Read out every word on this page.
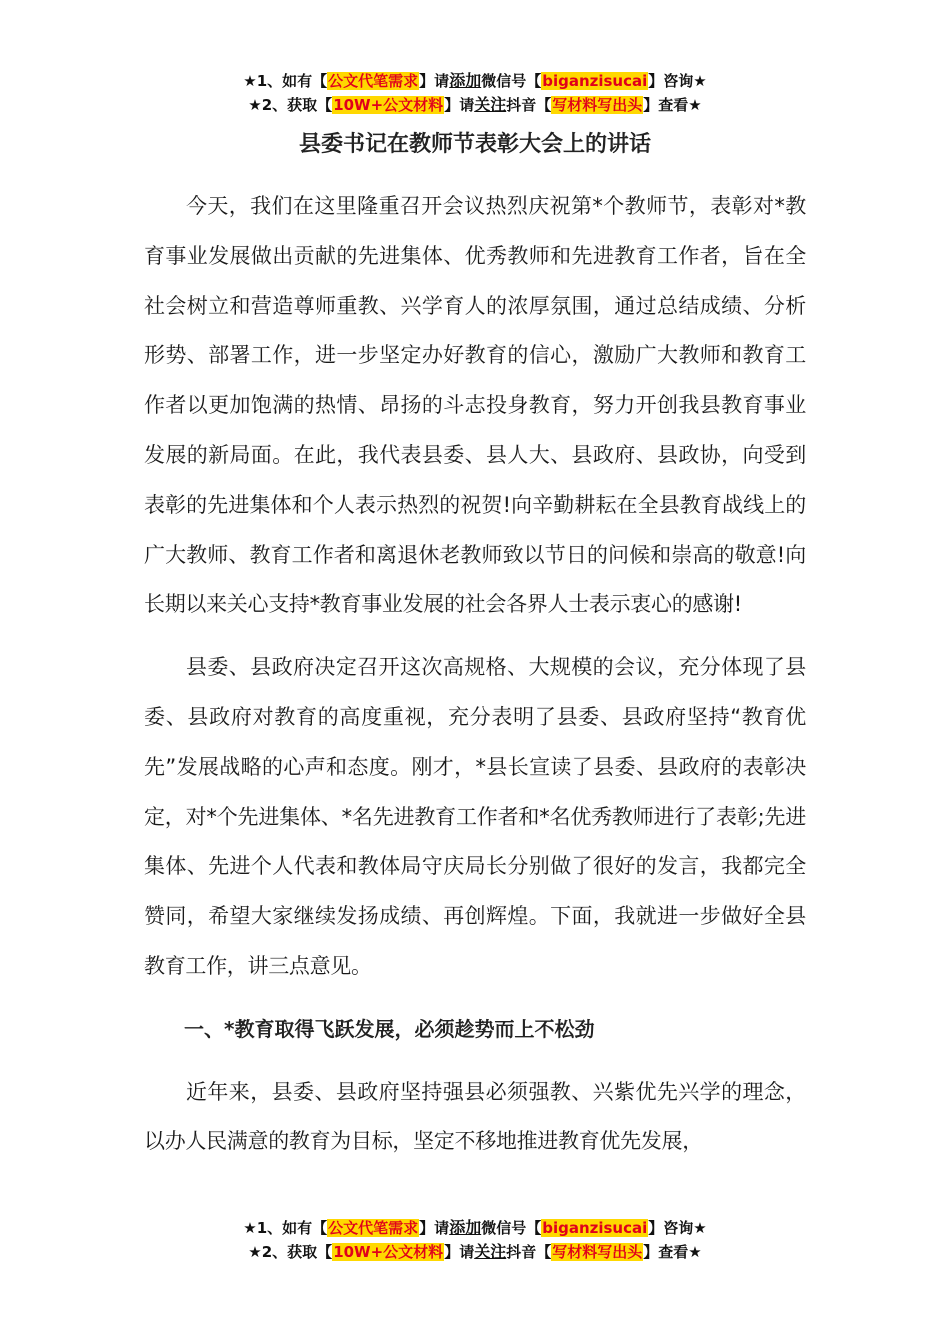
★1、如有【公文代笔需求】请添加微信号【biganzisucai】咨询★
★2、获取【10W+公文材料】请关注抖音【写材料写出头】查看★
县委书记在教师节表彰大会上的讲话

今天，我们在这里隆重召开会议热烈庆祝第*个教师节，表彰对*教育事业发展做出贡献的先进集体、优秀教师和先进教育工作者，旨在全社会树立和营造尊师重教、兴学育人的浓厚氛围，通过总结成绩、分析形势、部署工作，进一步坚定办好教育的信心，激励广大教师和教育工作者以更加饱满的热情、昂扬的斗志投身教育，努力开创我县教育事业发展的新局面。在此，我代表县委、县人大、县政府、县政协，向受到表彰的先进集体和个人表示热烈的祝贺!向辛勤耕耘在全县教育战线上的广大教师、教育工作者和离退休老教师致以节日的问候和崇高的敬意!向长期以来关心支持*教育事业发展的社会各界人士表示衷心的感谢!

县委、县政府决定召开这次高规格、大规模的会议，充分体现了县委、县政府对教育的高度重视，充分表明了县委、县政府坚持“教育优先”发展战略的心声和态度。刚才，*县长宣读了县委、县政府的表彰决定，对*个先进集体、*名先进教育工作者和*名优秀教师进行了表彰;先进集体、先进个人代表和教体局守庆局长分别做了很好的发言，我都完全赞同，希望大家继续发扬成绩、再创辉煌。下面，我就进一步做好全县教育工作，讲三点意见。

一、*教育取得飞跃发展，必须趁势而上不松劲

近年来，县委、县政府坚持强县必须强教、兴紫优先兴学的理念，以办人民满意的教育为目标，坚定不移地推进教育优先发展，

★1、如有【公文代笔需求】请添加微信号【biganzisucai】咨询★
★2、获取【10W+公文材料】请关注抖音【写材料写出头】查看★
